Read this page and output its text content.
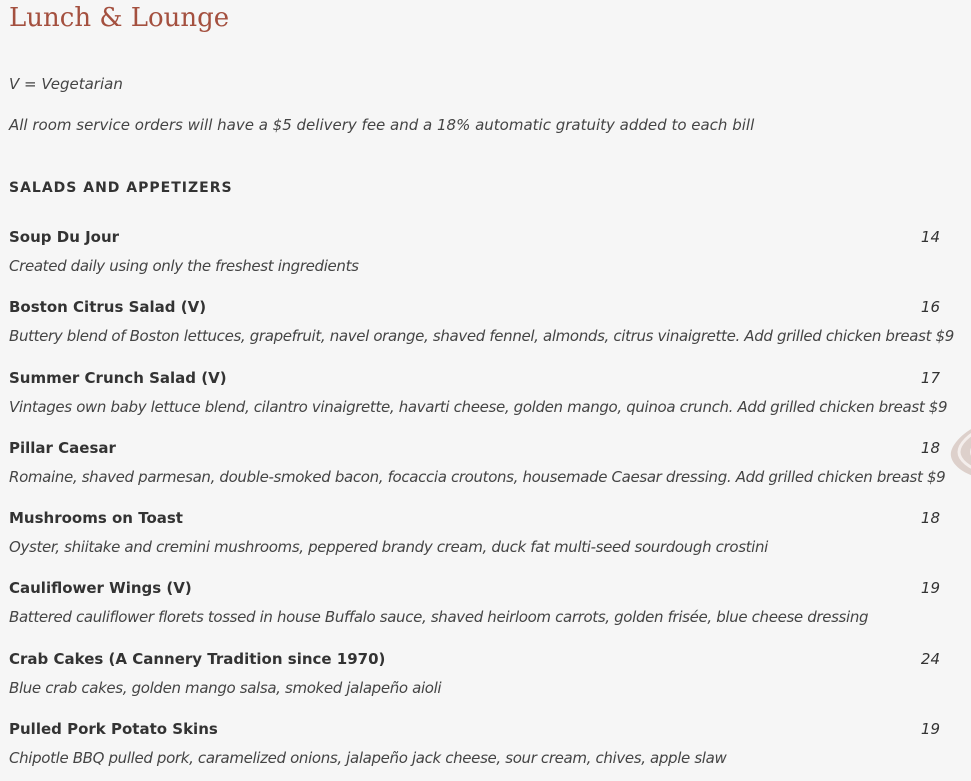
Lunch & Lounge
V = Vegetarian
All room service orders will have a $5 delivery fee and a 18% automatic gratuity added to each bill
SALADS AND APPETIZERS
Soup Du Jour	14
Created daily using only the freshest ingredients
Boston Citrus Salad (V)	16
Buttery blend of Boston lettuces, grapefruit, navel orange, shaved fennel, almonds, citrus vinaigrette. Add grilled chicken breast $9
Summer Crunch Salad (V)	17
Vintages own baby lettuce blend, cilantro vinaigrette, havarti cheese, golden mango, quinoa crunch. Add grilled chicken breast $9
Pillar Caesar	18
Romaine, shaved parmesan, double-smoked bacon, focaccia croutons, housemade Caesar dressing. Add grilled chicken breast $9
Mushrooms on Toast	18
Oyster, shiitake and cremini mushrooms, peppered brandy cream, duck fat multi-seed sourdough crostini
Cauliflower Wings (V)	19
Battered cauliflower florets tossed in house Buffalo sauce, shaved heirloom carrots, golden frisée, blue cheese dressing
Crab Cakes (A Cannery Tradition since 1970)	24
Blue crab cakes, golden mango salsa, smoked jalapeño aioli
Pulled Pork Potato Skins	19
Chipotle BBQ pulled pork, caramelized onions, jalapeño jack cheese, sour cream, chives, apple slaw
